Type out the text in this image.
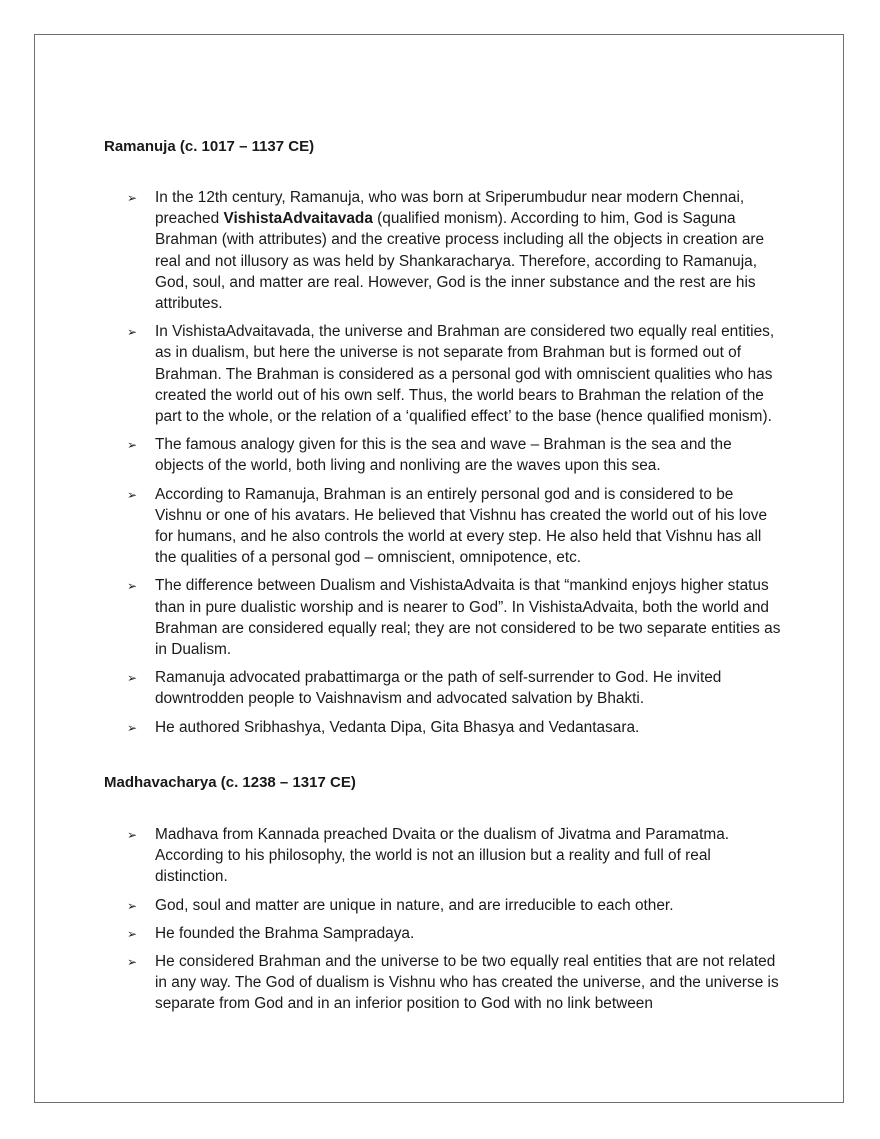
Ramanuja (c. 1017 – 1137 CE)
➢ In the 12th century, Ramanuja, who was born at Sriperumbudur near modern Chennai, preached VishistaAdvaitavada (qualified monism). According to him, God is Saguna Brahman (with attributes) and the creative process including all the objects in creation are real and not illusory as was held by Shankaracharya. Therefore, according to Ramanuja, God, soul, and matter are real. However, God is the inner substance and the rest are his attributes.
➢ In VishistaAdvaitavada, the universe and Brahman are considered two equally real entities, as in dualism, but here the universe is not separate from Brahman but is formed out of Brahman. The Brahman is considered as a personal god with omniscient qualities who has created the world out of his own self. Thus, the world bears to Brahman the relation of the part to the whole, or the relation of a ‘qualified effect’ to the base (hence qualified monism).
➢ The famous analogy given for this is the sea and wave – Brahman is the sea and the objects of the world, both living and nonliving are the waves upon this sea.
➢ According to Ramanuja, Brahman is an entirely personal god and is considered to be Vishnu or one of his avatars. He believed that Vishnu has created the world out of his love for humans, and he also controls the world at every step. He also held that Vishnu has all the qualities of a personal god – omniscient, omnipotence, etc.
➢ The difference between Dualism and VishistaAdvaita is that “mankind enjoys higher status than in pure dualistic worship and is nearer to God”. In VishistaAdvaita, both the world and Brahman are considered equally real; they are not considered to be two separate entities as in Dualism.
➢ Ramanuja advocated prabattimarga or the path of self-surrender to God. He invited downtrodden people to Vaishnavism and advocated salvation by Bhakti.
➢ He authored Sribhashya, Vedanta Dipa, Gita Bhasya and Vedantasara.
Madhavacharya (c. 1238 – 1317 CE)
➢ Madhava from Kannada preached Dvaita or the dualism of Jivatma and Paramatma. According to his philosophy, the world is not an illusion but a reality and full of real distinction.
➢ God, soul and matter are unique in nature, and are irreducible to each other.
➢ He founded the Brahma Sampradaya.
➢ He considered Brahman and the universe to be two equally real entities that are not related in any way. The God of dualism is Vishnu who has created the universe, and the universe is separate from God and in an inferior position to God with no link between
